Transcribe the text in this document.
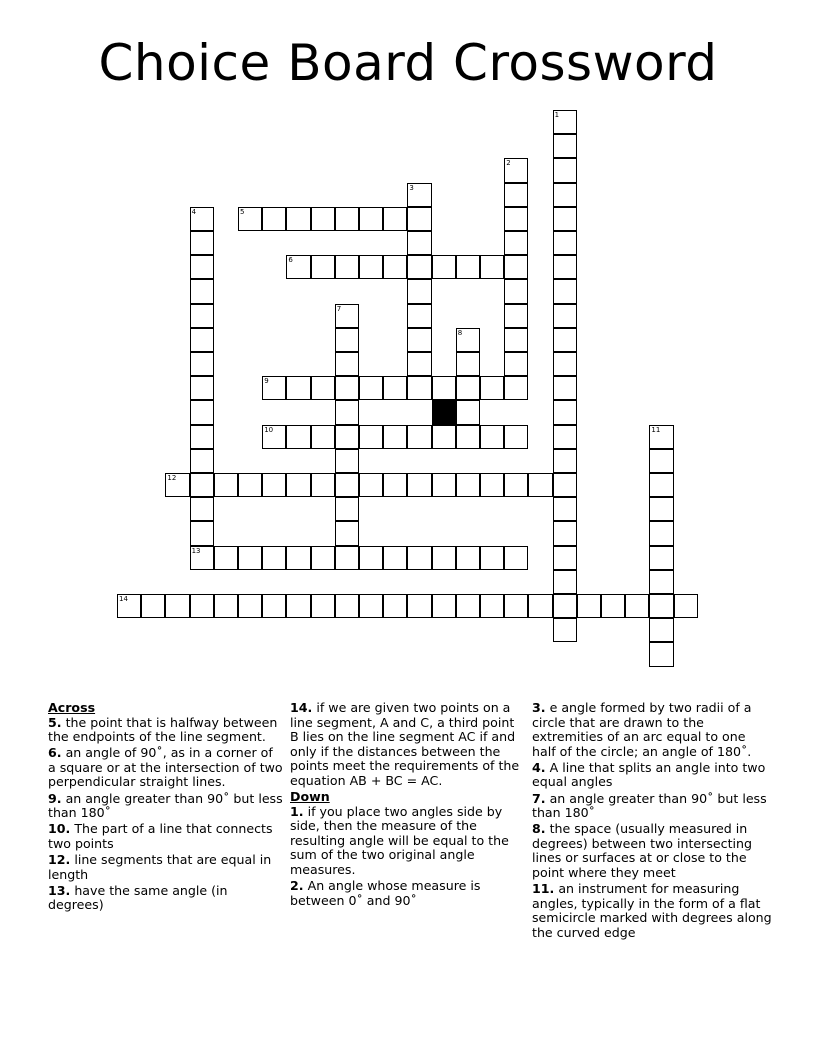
Choice Board Crossword
1
2
3
4	5
6
7
8
9
10	11
12
13
14
Across
5. the point that is halfway between the endpoints of the line segment.
6. an angle of 90˚, as in a corner of a square or at the intersection of two perpendicular straight lines.
9. an angle greater than 90˚ but less than 180˚
10. The part of a line that connects two points
12. line segments that are equal in length
13. have the same angle (in degrees)
14. if we are given two points on a line segment, A and C, a third point B lies on the line segment AC if and only if the distances between the points meet the requirements of the equation AB + BC = AC.
Down
1. if you place two angles side by side, then the measure of the resulting angle will be equal to the sum of the two original angle measures.
2. An angle whose measure is between 0˚ and 90˚
3. e angle formed by two radii of a circle that are drawn to the extremities of an arc equal to one half of the circle; an angle of 180˚.
4. A line that splits an angle into two equal angles
7. an angle greater than 90˚ but less than 180˚
8. the space (usually measured in degrees) between two intersecting lines or surfaces at or close to the point where they meet
11. an instrument for measuring angles, typically in the form of a flat semicircle marked with degrees along the curved edge
